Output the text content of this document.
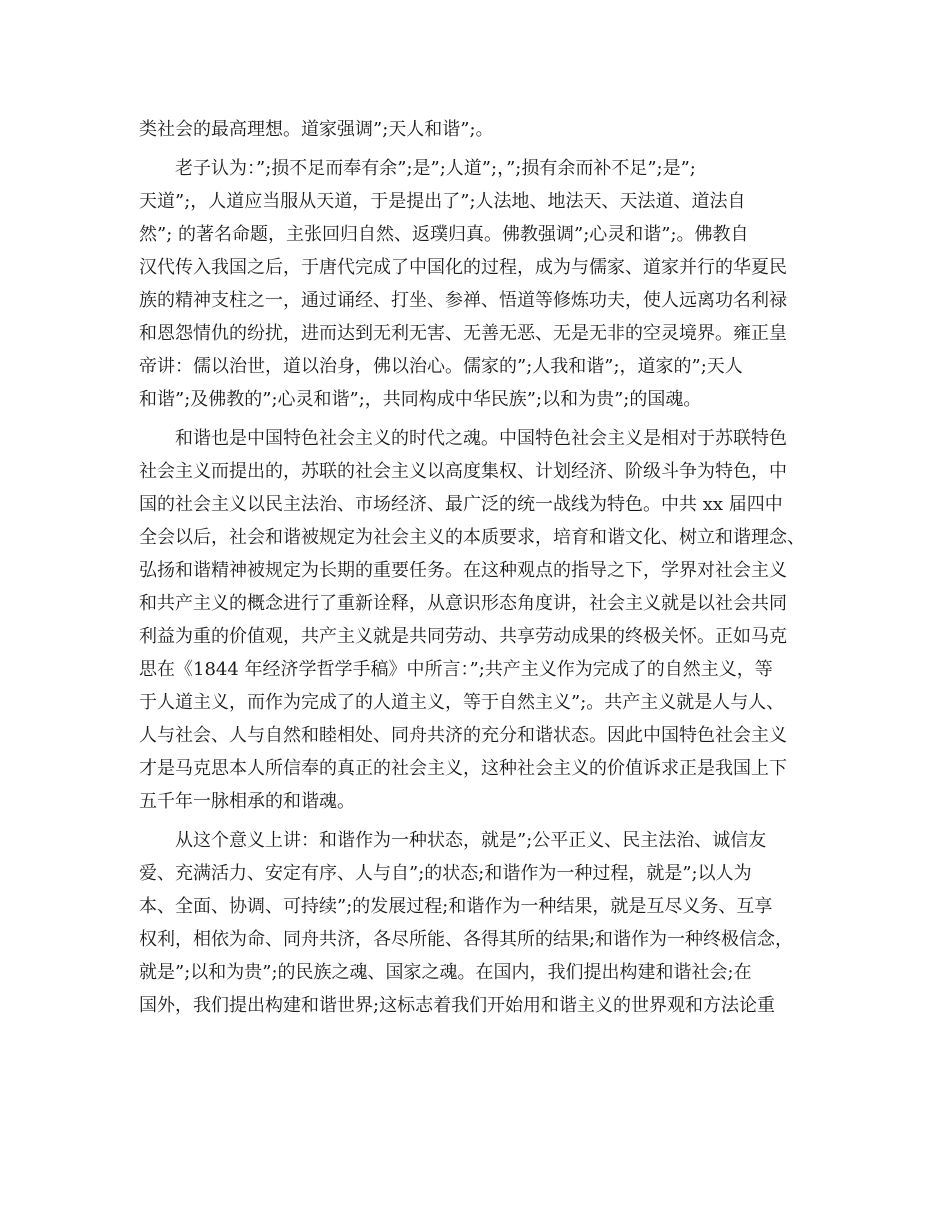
类社会的最高理想。道家强调”;天人和谐”;。
　　老子认为：”;损不足而奉有余”;是”;人道”;，”;损有余而补不足”;是”;
天道”;，人道应当服从天道，于是提出了”;人法地、地法天、天法道、道法自
然”; 的著名命题，主张回归自然、返璞归真。佛教强调”;心灵和谐”;。佛教自
汉代传入我国之后，于唐代完成了中国化的过程，成为与儒家、道家并行的华夏民
族的精神支柱之一，通过诵经、打坐、参禅、悟道等修炼功夫，使人远离功名利禄
和恩怨情仇的纷扰，进而达到无利无害、无善无恶、无是无非的空灵境界。雍正皇
帝讲：儒以治世，道以治身，佛以治心。儒家的”;人我和谐”;，道家的”;天人
和谐”;及佛教的”;心灵和谐”;，共同构成中华民族”;以和为贵”;的国魂。
　　和谐也是中国特色社会主义的时代之魂。中国特色社会主义是相对于苏联特色
社会主义而提出的，苏联的社会主义以高度集权、计划经济、阶级斗争为特色，中
国的社会主义以民主法治、市场经济、最广泛的统一战线为特色。中共 xx 届四中
全会以后，社会和谐被规定为社会主义的本质要求，培育和谐文化、树立和谐理念、
弘扬和谐精神被规定为长期的重要任务。在这种观点的指导之下，学界对社会主义
和共产主义的概念进行了重新诠释，从意识形态角度讲，社会主义就是以社会共同
利益为重的价值观，共产主义就是共同劳动、共享劳动成果的终极关怀。正如马克
思在《1844 年经济学哲学手稿》中所言：”;共产主义作为完成了的自然主义，等
于人道主义，而作为完成了的人道主义，等于自然主义”;。共产主义就是人与人、
人与社会、人与自然和睦相处、同舟共济的充分和谐状态。因此中国特色社会主义
才是马克思本人所信奉的真正的社会主义，这种社会主义的价值诉求正是我国上下
五千年一脉相承的和谐魂。
　　从这个意义上讲：和谐作为一种状态，就是”;公平正义、民主法治、诚信友
爱、充满活力、安定有序、人与自”;的状态;和谐作为一种过程，就是”;以人为
本、全面、协调、可持续”;的发展过程;和谐作为一种结果，就是互尽义务、互享
权利，相依为命、同舟共济，各尽所能、各得其所的结果;和谐作为一种终极信念，
就是”;以和为贵”;的民族之魂、国家之魂。在国内，我们提出构建和谐社会;在
国外，我们提出构建和谐世界;这标志着我们开始用和谐主义的世界观和方法论重
